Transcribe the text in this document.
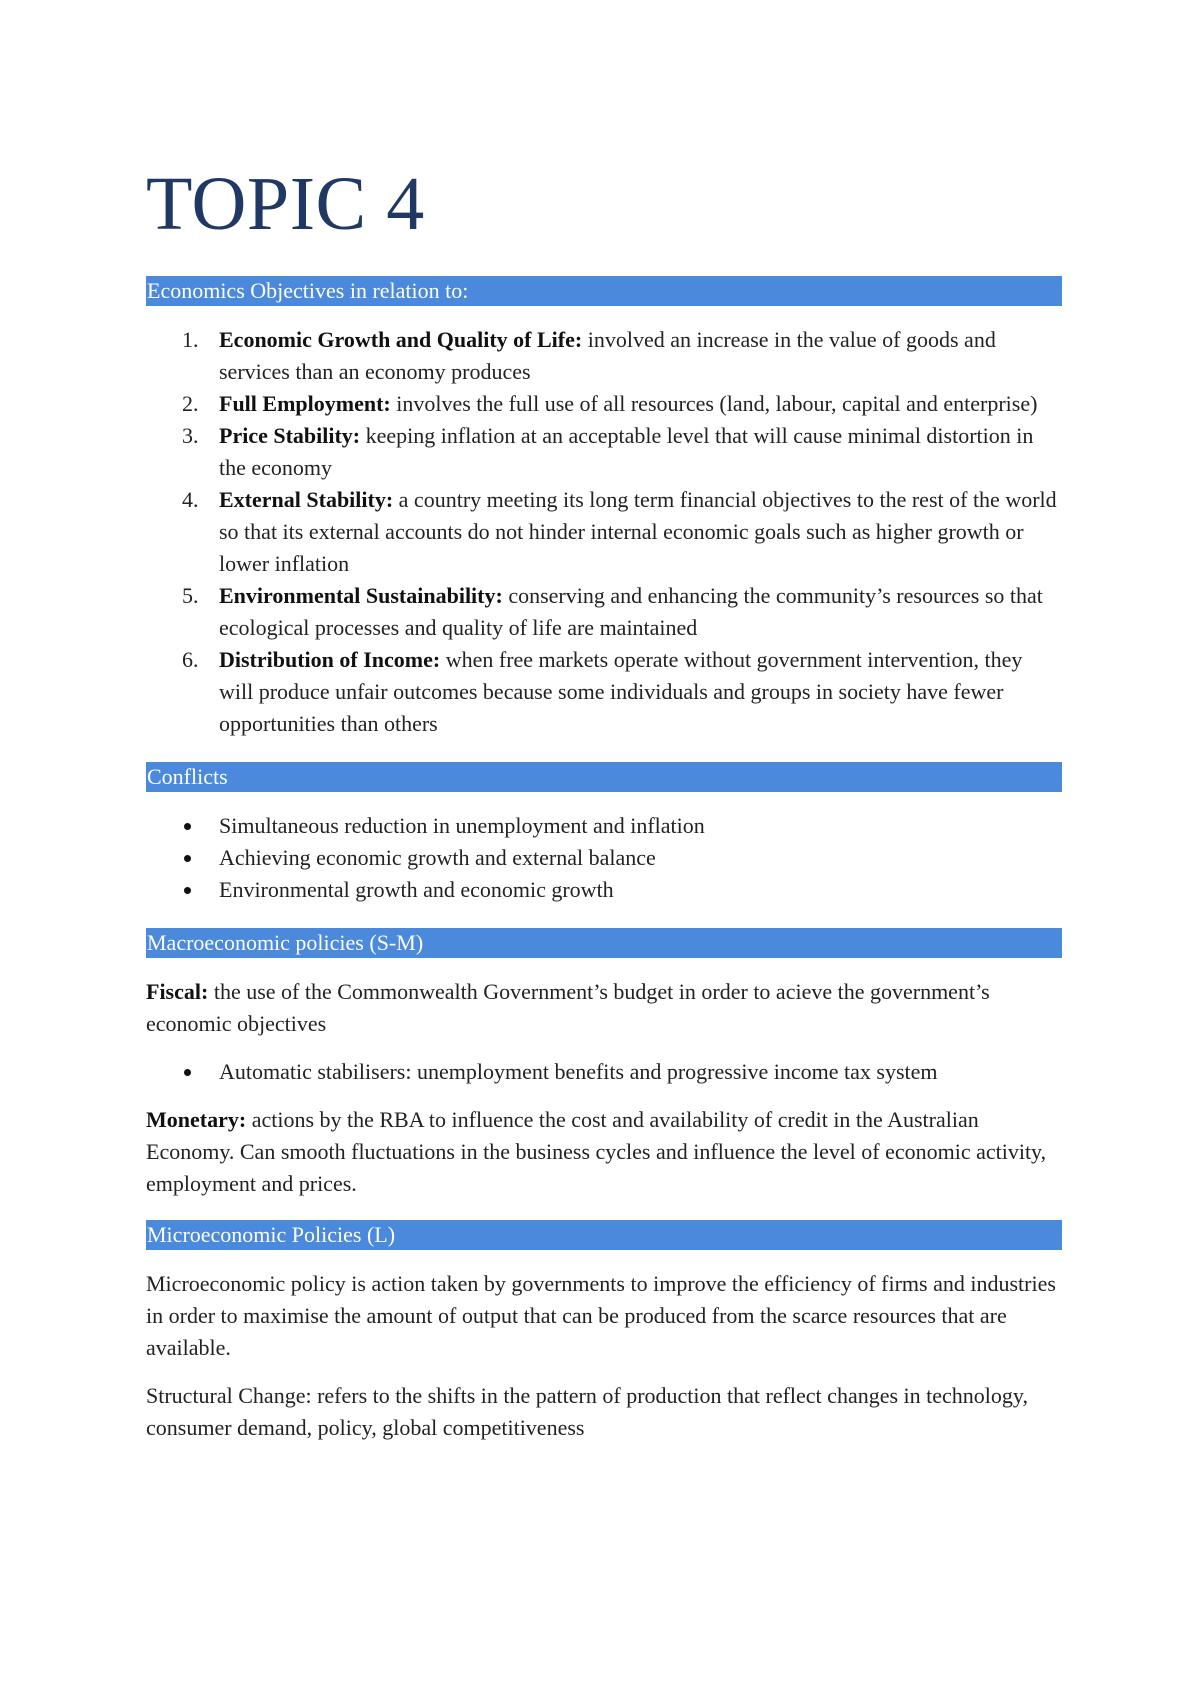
TOPIC 4
Economics Objectives in relation to:
1. Economic Growth and Quality of Life: involved an increase in the value of goods and services than an economy produces
2. Full Employment: involves the full use of all resources (land, labour, capital and enterprise)
3. Price Stability: keeping inflation at an acceptable level that will cause minimal distortion in the economy
4. External Stability: a country meeting its long term financial objectives to the rest of the world so that its external accounts do not hinder internal economic goals such as higher growth or lower inflation
5. Environmental Sustainability: conserving and enhancing the community’s resources so that ecological processes and quality of life are maintained
6. Distribution of Income: when free markets operate without government intervention, they will produce unfair outcomes because some individuals and groups in society have fewer opportunities than others
Conflicts
Simultaneous reduction in unemployment and inflation
Achieving economic growth and external balance
Environmental growth and economic growth
Macroeconomic policies (S-M)

Fiscal: the use of the Commonwealth Government’s budget in order to acieve the government’s economic objectives

Automatic stabilisers: unemployment benefits and progressive income tax system

Monetary: actions by the RBA to influence the cost and availability of credit in the Australian Economy. Can smooth fluctuations in the business cycles and influence the level of economic activity, employment and prices.

Microeconomic Policies (L)

Microeconomic policy is action taken by governments to improve the efficiency of firms and industries in order to maximise the amount of output that can be produced from the scarce resources that are available.

Structural Change: refers to the shifts in the pattern of production that reflect changes in technology, consumer demand, policy, global competitiveness
